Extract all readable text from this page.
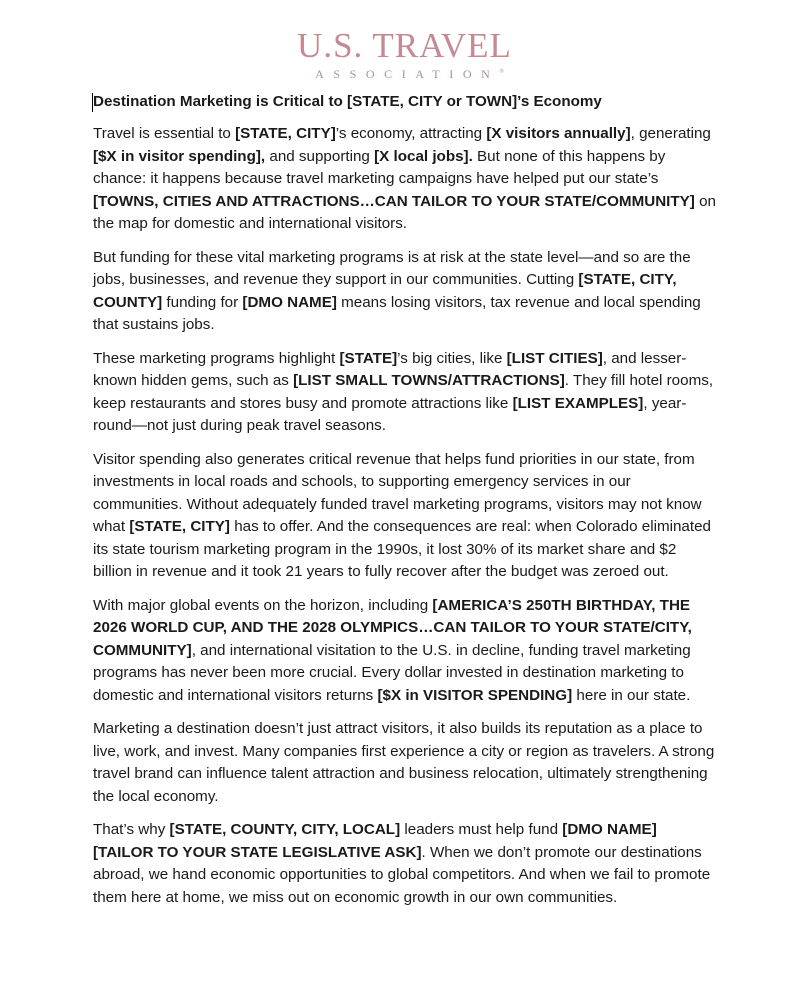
U.S. TRAVEL
ASSOCIATION®
Destination Marketing is Critical to [STATE, CITY or TOWN]’s Economy

Travel is essential to [STATE, CITY]’s economy, attracting [X visitors annually], generating [$X in visitor spending], and supporting [X local jobs]. But none of this happens by chance: it happens because travel marketing campaigns have helped put our state’s [TOWNS, CITIES AND ATTRACTIONS…CAN TAILOR TO YOUR STATE/COMMUNITY] on the map for domestic and international visitors.

But funding for these vital marketing programs is at risk at the state level—and so are the jobs, businesses, and revenue they support in our communities. Cutting [STATE, CITY, COUNTY] funding for [DMO NAME] means losing visitors, tax revenue and local spending that sustains jobs.

These marketing programs highlight [STATE]’s big cities, like [LIST CITIES], and lesser-known hidden gems, such as [LIST SMALL TOWNS/ATTRACTIONS]. They fill hotel rooms, keep restaurants and stores busy and promote attractions like [LIST EXAMPLES], year-round—not just during peak travel seasons.

Visitor spending also generates critical revenue that helps fund priorities in our state, from investments in local roads and schools, to supporting emergency services in our communities. Without adequately funded travel marketing programs, visitors may not know what [STATE, CITY] has to offer. And the consequences are real: when Colorado eliminated its state tourism marketing program in the 1990s, it lost 30% of its market share and $2 billion in revenue and it took 21 years to fully recover after the budget was zeroed out.

With major global events on the horizon, including [AMERICA’S 250TH BIRTHDAY, THE 2026 WORLD CUP, AND THE 2028 OLYMPICS…CAN TAILOR TO YOUR STATE/CITY, COMMUNITY], and international visitation to the U.S. in decline, funding travel marketing programs has never been more crucial. Every dollar invested in destination marketing to domestic and international visitors returns [$X in VISITOR SPENDING] here in our state.

Marketing a destination doesn’t just attract visitors, it also builds its reputation as a place to live, work, and invest. Many companies first experience a city or region as travelers. A strong travel brand can influence talent attraction and business relocation, ultimately strengthening the local economy.

That’s why [STATE, COUNTY, CITY, LOCAL] leaders must help fund [DMO NAME] [TAILOR TO YOUR STATE LEGISLATIVE ASK]. When we don’t promote our destinations abroad, we hand economic opportunities to global competitors. And when we fail to promote them here at home, we miss out on economic growth in our own communities.
